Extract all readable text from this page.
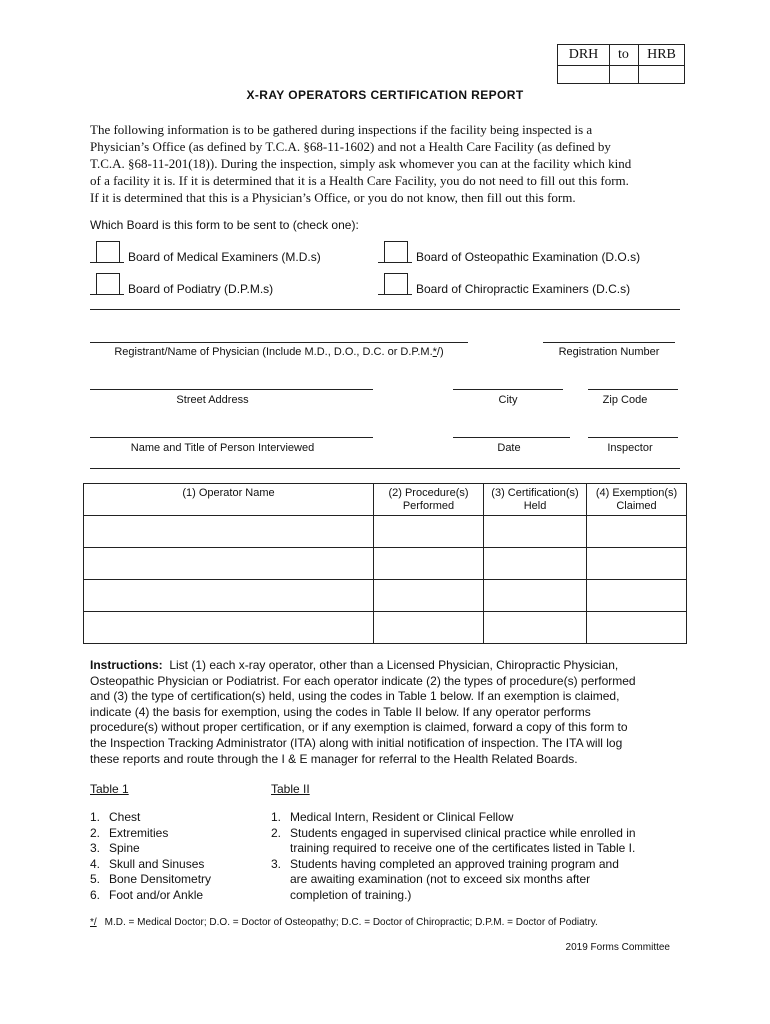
DRH	to	HRB
X-RAY OPERATORS CERTIFICATION REPORT
The following information is to be gathered during inspections if the facility being inspected is a
Physician’s Office (as defined by T.C.A. §68-11-1602) and not a Health Care Facility (as defined by
T.C.A. §68-11-201(18)). During the inspection, simply ask whomever you can at the facility which kind
of a facility it is. If it is determined that it is a Health Care Facility, you do not need to fill out this form.
If it is determined that this is a Physician’s Office, or you do not know, then fill out this form.
Which Board is this form to be sent to (check one):
Board of Medical Examiners (M.D.s)	Board of Osteopathic Examination (D.O.s)
Board of Podiatry (D.P.M.s)	Board of Chiropractic Examiners (D.C.s)
Registrant/Name of Physician (Include M.D., D.O., D.C. or D.P.M.*/)	Registration Number
Street Address	City	Zip Code
Name and Title of Person Interviewed	Date	Inspector
(1) Operator Name	(2) Procedure(s) Performed	(3) Certification(s) Held	(4) Exemption(s) Claimed

Instructions: List (1) each x-ray operator, other than a Licensed Physician, Chiropractic Physician,
Osteopathic Physician or Podiatrist. For each operator indicate (2) the types of procedure(s) performed
and (3) the type of certification(s) held, using the codes in Table 1 below. If an exemption is claimed,
indicate (4) the basis for exemption, using the codes in Table II below. If any operator performs
procedure(s) without proper certification, or if any exemption is claimed, forward a copy of this form to
the Inspection Tracking Administrator (ITA) along with initial notification of inspection. The ITA will log
these reports and route through the I & E manager for referral to the Health Related Boards.
Table 1
1. Chest
2. Extremities
3. Spine
4. Skull and Sinuses
5. Bone Densitometry
6. Foot and/or Ankle
Table II
1. Medical Intern, Resident or Clinical Fellow
2. Students engaged in supervised clinical practice while enrolled in
training required to receive one of the certificates listed in Table I.
3. Students having completed an approved training program and
are awaiting examination (not to exceed six months after
completion of training.)
*/ M.D. = Medical Doctor; D.O. = Doctor of Osteopathy; D.C. = Doctor of Chiropractic; D.P.M. = Doctor of Podiatry.
2019 Forms Committee
